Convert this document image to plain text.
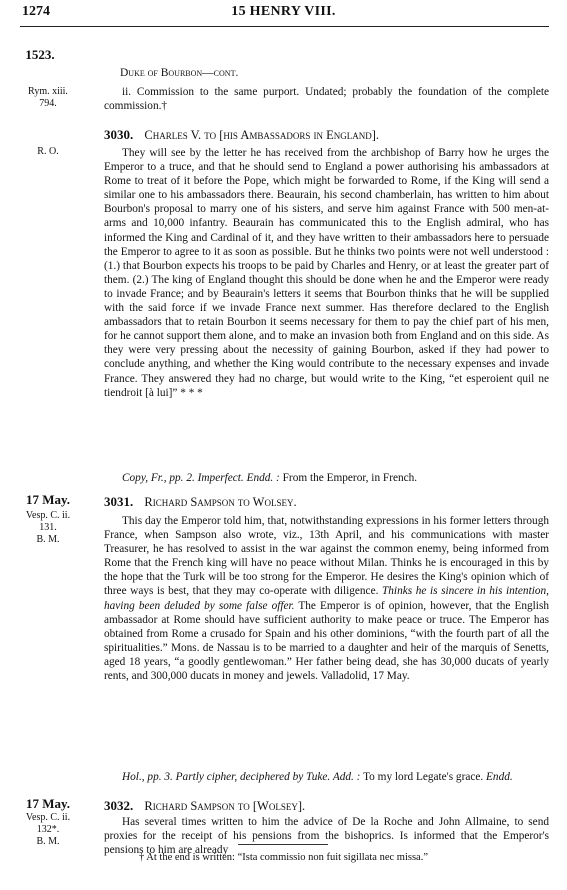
1274	15 HENRY VIII.
1523.
Duke of Bourbon—cont.
Rym. xiii.
794.
ii. Commission to the same purport. Undated; probably the foundation of the complete commission.†
3030. Charles V. to [his Ambassadors in England].
R. O.	They will see by the letter he has received from the archbishop of Barry how he urges the Emperor to a truce, and that he should send to England a power authorising his ambassadors at Rome to treat of it before the Pope, which might be forwarded to Rome, if the King will send a similar one to his ambassadors there. Beaurain, his second chamberlain, has written to him about Bourbon's proposal to marry one of his sisters, and serve him against France with 500 men-at-arms and 10,000 infantry. Beaurain has communicated this to the English admiral, who has informed the King and Cardinal of it, and they have written to their ambassadors here to persuade the Emperor to agree to it as soon as possible. But he thinks two points were not well understood : (1.) that Bourbon expects his troops to be paid by Charles and Henry, or at least the greater part of them. (2.) The king of England thought this should be done when he and the Emperor were ready to invade France; and by Beaurain's letters it seems that Bourbon thinks that he will be supplied with the said force if we invade France next summer. Has therefore declared to the English ambassadors that to retain Bourbon it seems necessary for them to pay the chief part of his men, for he cannot support them alone, and to make an invasion both from England and on this side. As they were very pressing about the necessity of gaining Bourbon, asked if they had power to conclude anything, and whether the King would contribute to the necessary expenses and invade France. They answered they had no charge, but would write to the King, “et esperoient quil ne tiendroit [à lui]” * * *
Copy, Fr., pp. 2. Imperfect. Endd. : From the Emperor, in French.
17 May.	3031. Richard Sampson to Wolsey.
Vesp. C. ii.
131.
B. M.
This day the Emperor told him, that, notwithstanding expressions in his former letters through France, when Sampson also wrote, viz., 13th April, and his communications with master Treasurer, he has resolved to assist in the war against the common enemy, being informed from Rome that the French king will have no peace without Milan. Thinks he is encouraged in this by the hope that the Turk will be too strong for the Emperor. He desires the King's opinion which of three ways is best, that they may co-operate with diligence. Thinks he is sincere in his intention, having been deluded by some false offer. The Emperor is of opinion, however, that the English ambassador at Rome should have sufficient authority to make peace or truce. The Emperor has obtained from Rome a crusado for Spain and his other dominions, “with the fourth part of all the spiritualities.” Mons. de Nassau is to be married to a daughter and heir of the marquis of Senetts, aged 18 years, “a goodly gentlewoman.” Her father being dead, she has 30,000 ducats of yearly rents, and 300,000 ducats in money and jewels. Valladolid, 17 May.
Hol., pp. 3. Partly cipher, deciphered by Tuke. Add. : To my lord Legate's grace. Endd.
17 May.	3032. Richard Sampson to [Wolsey].
Vesp. C. ii.
132*.
B. M.
Has several times written to him the advice of De la Roche and John Allmaine, to send proxies for the receipt of his pensions from the bishoprics. Is informed that the Emperor's pensions to him are already
† At the end is written: “Ista commissio non fuit sigillata nec missa.”
